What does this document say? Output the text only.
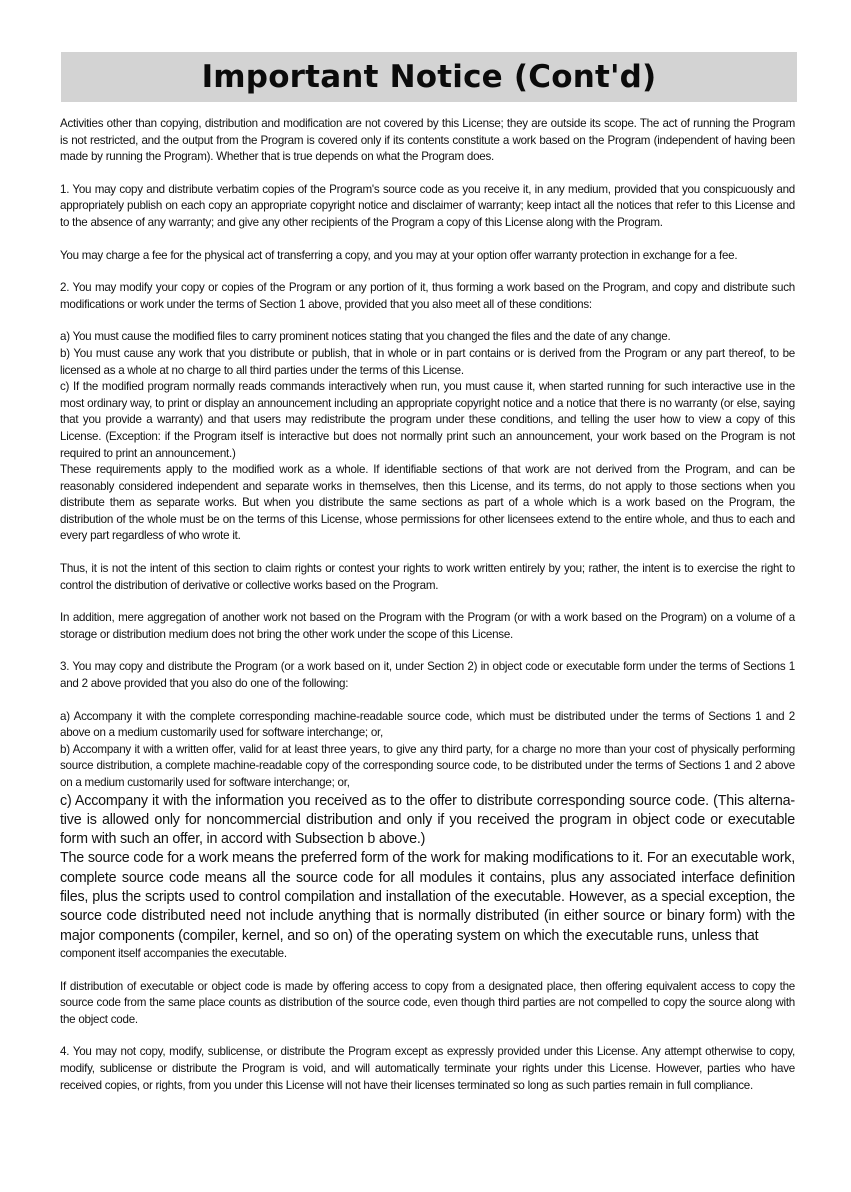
Important Notice (Cont'd)

Activities other than copying, distribution and modification are not covered by this License; they are outside its scope. The act of running the Program is not restricted, and the output from the Program is covered only if its contents constitute a work based on the Program (independent of having been made by running the Program). Whether that is true depends on what the Program does.

1. You may copy and distribute verbatim copies of the Program's source code as you receive it, in any medium, provided that you conspicuously and appropriately publish on each copy an appropriate copyright notice and disclaimer of warranty; keep intact all the notices that refer to this License and to the absence of any warranty; and give any other recipients of the Program a copy of this License along with the Program.

You may charge a fee for the physical act of transferring a copy, and you may at your option offer warranty protection in exchange for a fee.

2. You may modify your copy or copies of the Program or any portion of it, thus forming a work based on the Program, and copy and distribute such modifications or work under the terms of Section 1 above, provided that you also meet all of these conditions:

a) You must cause the modified files to carry prominent notices stating that you changed the files and the date of any change.

b) You must cause any work that you distribute or publish, that in whole or in part contains or is derived from the Program or any part thereof, to be licensed as a whole at no charge to all third parties under the terms of this License.

c) If the modified program normally reads commands interactively when run, you must cause it, when started running for such interactive use in the most ordinary way, to print or display an announcement including an appropriate copyright notice and a notice that there is no warranty (or else, saying that you provide a warranty) and that users may redistribute the program under these conditions, and telling the user how to view a copy of this License. (Exception: if the Program itself is interactive but does not normally print such an announcement, your work based on the Program is not required to print an announcement.)

These requirements apply to the modified work as a whole. If identifiable sections of that work are not derived from the Program, and can be reasonably considered independent and separate works in themselves, then this License, and its terms, do not apply to those sections when you distribute them as separate works. But when you distribute the same sections as part of a whole which is a work based on the Program, the distribution of the whole must be on the terms of this License, whose permissions for other licensees extend to the entire whole, and thus to each and every part regardless of who wrote it.

Thus, it is not the intent of this section to claim rights or contest your rights to work written entirely by you; rather, the intent is to exercise the right to control the distribution of derivative or collective works based on the Program.

In addition, mere aggregation of another work not based on the Program with the Program (or with a work based on the Program) on a volume of a storage or distribution medium does not bring the other work under the scope of this License.

3. You may copy and distribute the Program (or a work based on it, under Section 2) in object code or executable form under the terms of Sections 1 and 2 above provided that you also do one of the following:

a) Accompany it with the complete corresponding machine-readable source code, which must be distributed under the terms of Sections 1 and 2 above on a medium customarily used for software interchange; or,

b) Accompany it with a written offer, valid for at least three years, to give any third party, for a charge no more than your cost of physically performing source distribution, a complete machine-readable copy of the corresponding source code, to be distributed under the terms of Sections 1 and 2 above on a medium customarily used for software interchange; or,

c) Accompany it with the information you received as to the offer to distribute corresponding source code. (This alterna-tive is allowed only for noncommercial distribution and only if you received the program in object code or executable form with such an offer, in accord with Subsection b above.)

The source code for a work means the preferred form of the work for making modifications to it. For an executable work, complete source code means all the source code for all modules it contains, plus any associated interface definition files, plus the scripts used to control compilation and installation of the executable. However, as a special exception, the source code distributed need not include anything that is normally distributed (in either source or binary form) with the major components (compiler, kernel, and so on) of the operating system on which the executable runs, unless that

component itself accompanies the executable.

If distribution of executable or object code is made by offering access to copy from a designated place, then offering equivalent access to copy the source code from the same place counts as distribution of the source code, even though third parties are not compelled to copy the source along with the object code.

4. You may not copy, modify, sublicense, or distribute the Program except as expressly provided under this License. Any attempt otherwise to copy, modify, sublicense or distribute the Program is void, and will automatically terminate your rights under this License. However, parties who have received copies, or rights, from you under this License will not have their licenses terminated so long as such parties remain in full compliance.
